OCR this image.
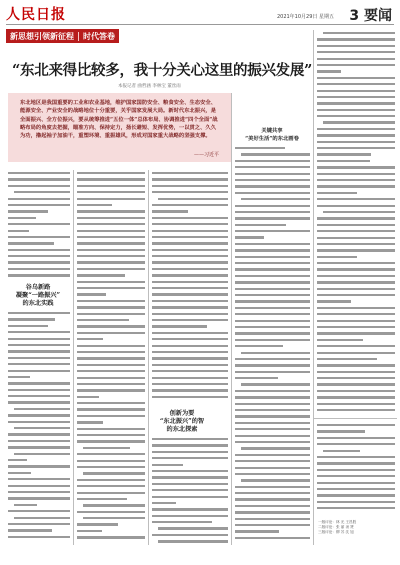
人民日报	2021年10月29日 星期五 3 要闻
新思想引领新征程	时代答卷
“东北来得比较多，我十分关心这里的振兴发展”
本报记者 曲哲涵 李林宝 董丝雨

东北地区是我国重要的工业和农业基地，维护国家国防安全、粮食安全、生态安全、能源安全、产业安全的战略地位十分重要，关乎国家发展大局。新时代东北振兴，是全面振兴、全方位振兴，要从统筹推进“五位一体”总体布局、协调推进“四个全面”战略布局的角度去把握，瞄准方向、保持定力，扬长避短、发挥优势，一以贯之、久久为功，撸起袖子加油干，重塑环境、重振雄风，形成对国家重大战略的坚强支撑。

——习近平
关键共享
“美好生活”的东北画卷
谷乌新路
凝聚“一路振兴”
的东北实践
创新为要
“东北振兴”的智
的东北探索
一版评论：林 光 王昌胜
二版评论：张 丽 汤 贤
三版评论：柳 苏 沈 旭
